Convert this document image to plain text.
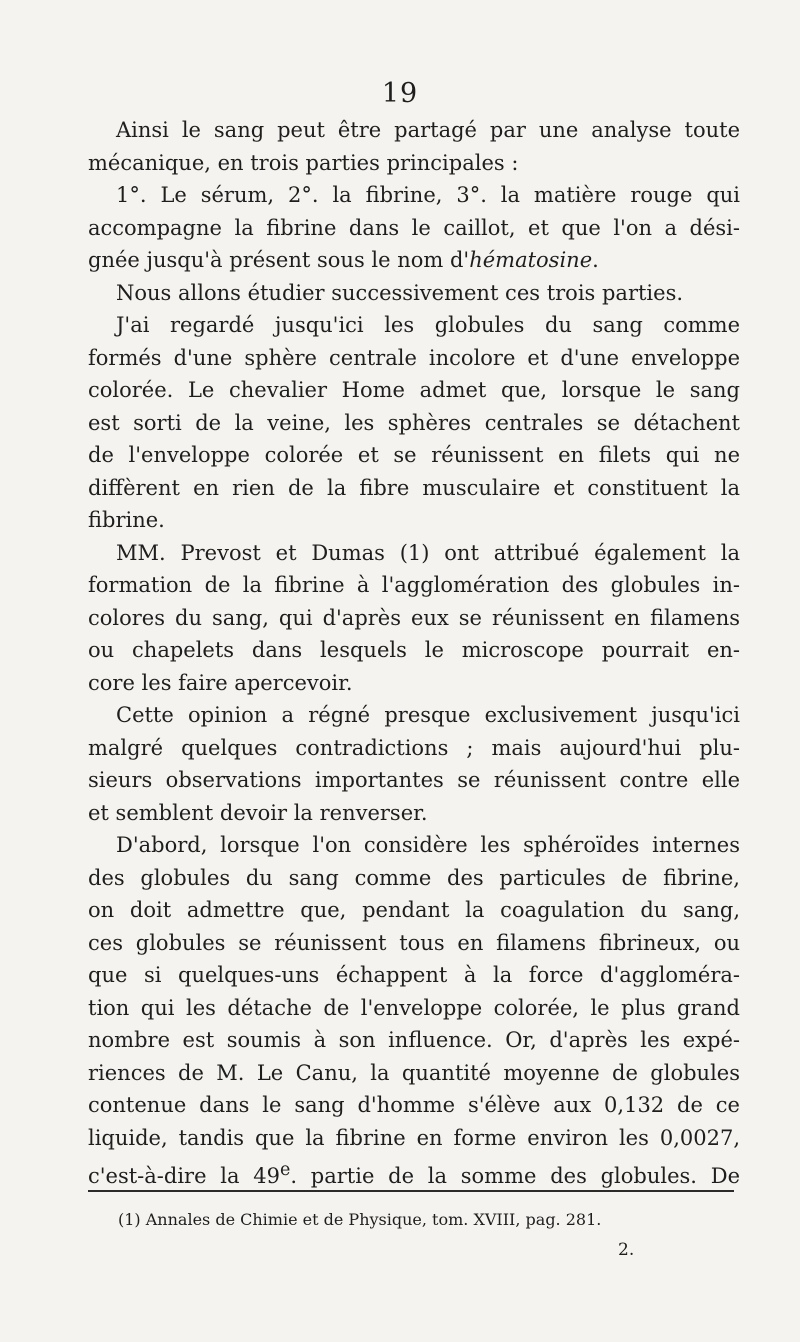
19
Ainsi le sang peut être partagé par une analyse toute
mécanique, en trois parties principales :
1°. Le sérum, 2°. la fibrine, 3°. la matière rouge qui
accompagne la fibrine dans le caillot, et que l'on a dési-
gnée jusqu'à présent sous le nom d'hématosine.
Nous allons étudier successivement ces trois parties.
J'ai regardé jusqu'ici les globules du sang comme
formés d'une sphère centrale incolore et d'une enveloppe
colorée. Le chevalier Home admet que, lorsque le sang
est sorti de la veine, les sphères centrales se détachent
de l'enveloppe colorée et se réunissent en filets qui ne
diffèrent en rien de la fibre musculaire et constituent la
fibrine.
MM. Prevost et Dumas (1) ont attribué également la
formation de la fibrine à l'agglomération des globules in-
colores du sang, qui d'après eux se réunissent en filamens
ou chapelets dans lesquels le microscope pourrait en-
core les faire apercevoir.
Cette opinion a régné presque exclusivement jusqu'ici
malgré quelques contradictions ; mais aujourd'hui plu-
sieurs observations importantes se réunissent contre elle
et semblent devoir la renverser.
D'abord, lorsque l'on considère les sphéroïdes internes
des globules du sang comme des particules de fibrine,
on doit admettre que, pendant la coagulation du sang,
ces globules se réunissent tous en filamens fibrineux, ou
que si quelques-uns échappent à la force d'aggloméra-
tion qui les détache de l'enveloppe colorée, le plus grand
nombre est soumis à son influence. Or, d'après les expé-
riences de M. Le Canu, la quantité moyenne de globules
contenue dans le sang d'homme s'élève aux 0,132 de ce
liquide, tandis que la fibrine en forme environ les 0,0027,
c'est-à-dire la 49e. partie de la somme des globules. De
(1) Annales de Chimie et de Physique, tom. XVIII, pag. 281.
2.
